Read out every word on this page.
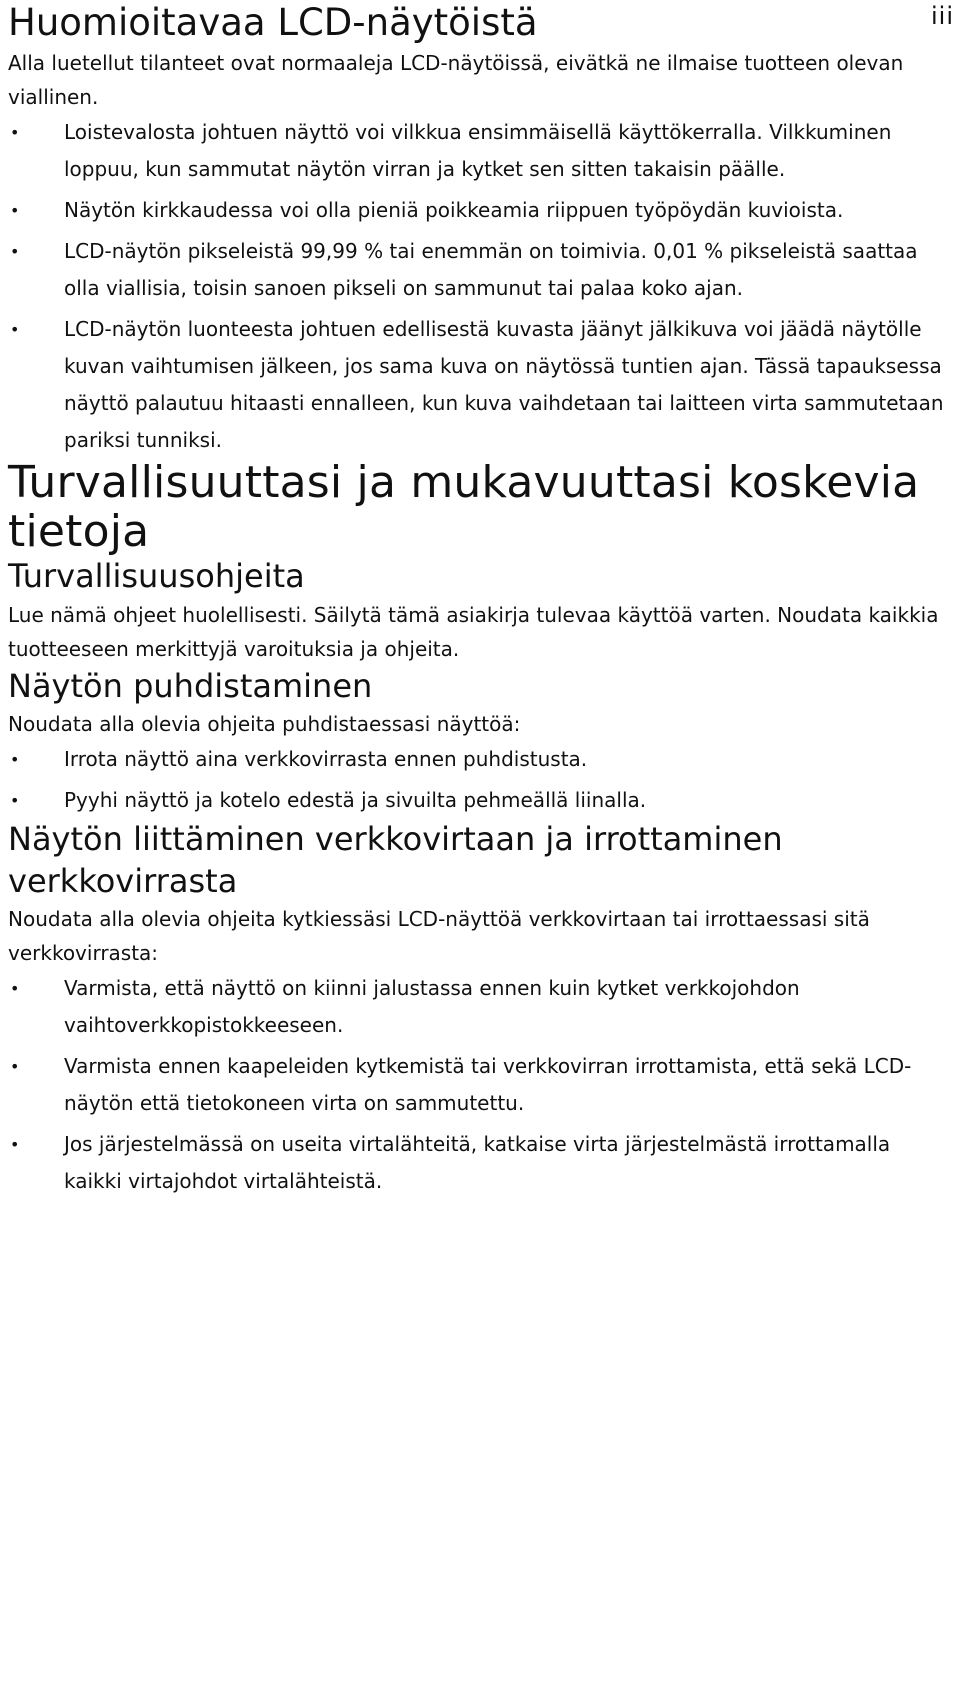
iii
Huomioitavaa LCD-näytöistä

Alla luetellut tilanteet ovat normaaleja LCD-näytöissä, eivätkä ne ilmaise tuotteen olevan viallinen.

• Loistevalosta johtuen näyttö voi vilkkua ensimmäisellä käyttökerralla. Vilkkuminen loppuu, kun sammutat näytön virran ja kytket sen sitten takaisin päälle.
• Näytön kirkkaudessa voi olla pieniä poikkeamia riippuen työpöydän kuvioista.
• LCD-näytön pikseleistä 99,99 % tai enemmän on toimivia. 0,01 % pikseleistä saattaa olla viallisia, toisin sanoen pikseli on sammunut tai palaa koko ajan.
• LCD-näytön luonteesta johtuen edellisestä kuvasta jäänyt jälkikuva voi jäädä näytölle kuvan vaihtumisen jälkeen, jos sama kuva on näytössä tuntien ajan. Tässä tapauksessa näyttö palautuu hitaasti ennalleen, kun kuva vaihdetaan tai laitteen virta sammutetaan pariksi tunniksi.
Turvallisuuttasi ja mukavuuttasi koskevia tietoja
Turvallisuusohjeita

Lue nämä ohjeet huolellisesti. Säilytä tämä asiakirja tulevaa käyttöä varten. Noudata kaikkia tuotteeseen merkittyjä varoituksia ja ohjeita.

Näytön puhdistaminen

Noudata alla olevia ohjeita puhdistaessasi näyttöä:

• Irrota näyttö aina verkkovirrasta ennen puhdistusta.
• Pyyhi näyttö ja kotelo edestä ja sivuilta pehmeällä liinalla.
Näytön liittäminen verkkovirtaan ja irrottaminen verkkovirrasta

Noudata alla olevia ohjeita kytkiessäsi LCD-näyttöä verkkovirtaan tai irrottaessasi sitä verkkovirrasta:

• Varmista, että näyttö on kiinni jalustassa ennen kuin kytket verkkojohdon vaihtoverkkopistokkeeseen.
• Varmista ennen kaapeleiden kytkemistä tai verkkovirran irrottamista, että sekä LCD-näytön että tietokoneen virta on sammutettu.
• Jos järjestelmässä on useita virtalähteitä, katkaise virta järjestelmästä irrottamalla kaikki virtajohdot virtalähteistä.
